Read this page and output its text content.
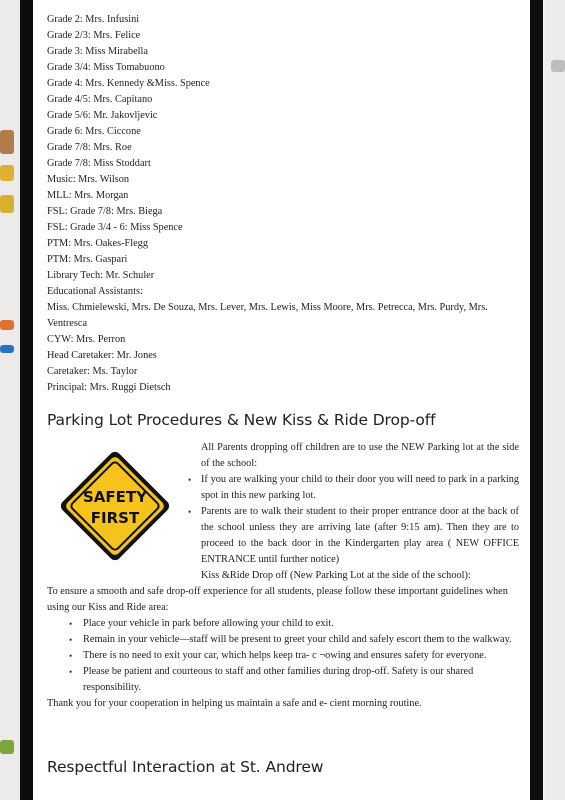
Grade 2: Mrs. Infusini
Grade 2/3: Mrs. Felice
Grade 3: Miss Mirabella
Grade 3/4: Miss Tomabuono
Grade 4: Mrs. Kennedy &Miss. Spence
Grade 4/5: Mrs. Capitano
Grade 5/6: Mr. Jakovljevic
Grade 6: Mrs. Ciccone
Grade 7/8: Mrs. Roe
Grade 7/8: Miss Stoddart
Music: Mrs. Wilson
MLL: Mrs. Morgan
FSL: Grade 7/8: Mrs. Biega
FSL: Grade 3/4 - 6: Miss Spence
PTM: Mrs. Oakes-Flegg
PTM: Mrs. Gaspari
Library Tech: Mr. Schuler
Educational Assistants:
Miss. Chmielewski, Mrs. De Souza, Mrs. Lever, Mrs. Lewis, Miss Moore, Mrs. Petrecca, Mrs. Purdy, Mrs. Ventresca
CYW: Mrs. Perron
Head Caretaker: Mr. Jones
Caretaker: Ms. Taylor
Principal: Mrs. Ruggi Dietsch
Parking Lot Procedures & New Kiss & Ride Drop-off
SAFETY
FIRST
All Parents dropping off children are to use the NEW Parking lot at the side of the school:
• If you are walking your child to their door you will need to park in a parking spot in this new parking lot.
• Parents are to walk their student to their proper entrance door at the back of the school unless they are arriving late (after 9:15 am). Then they are to proceed to the back door in the Kindergarten play area ( NEW OFFICE ENTRANCE until further notice)
Kiss &Ride Drop off (New Parking Lot at the side of the school):
To ensure a smooth and safe drop-off experience for all students, please follow these important guidelines when using our Kiss and Ride area:
• Place your vehicle in park before allowing your child to exit.
• Remain in your vehicle—staff will be present to greet your child and safely escort them to the walkway.
• There is no need to exit your car, which helps keep tra- c ¬owing and ensures safety for everyone.
• Please be patient and courteous to staff and other families during drop-off. Safety is our shared responsibility.
Thank you for your cooperation in helping us maintain a safe and e- cient morning routine.
Respectful Interaction at St. Andrew
